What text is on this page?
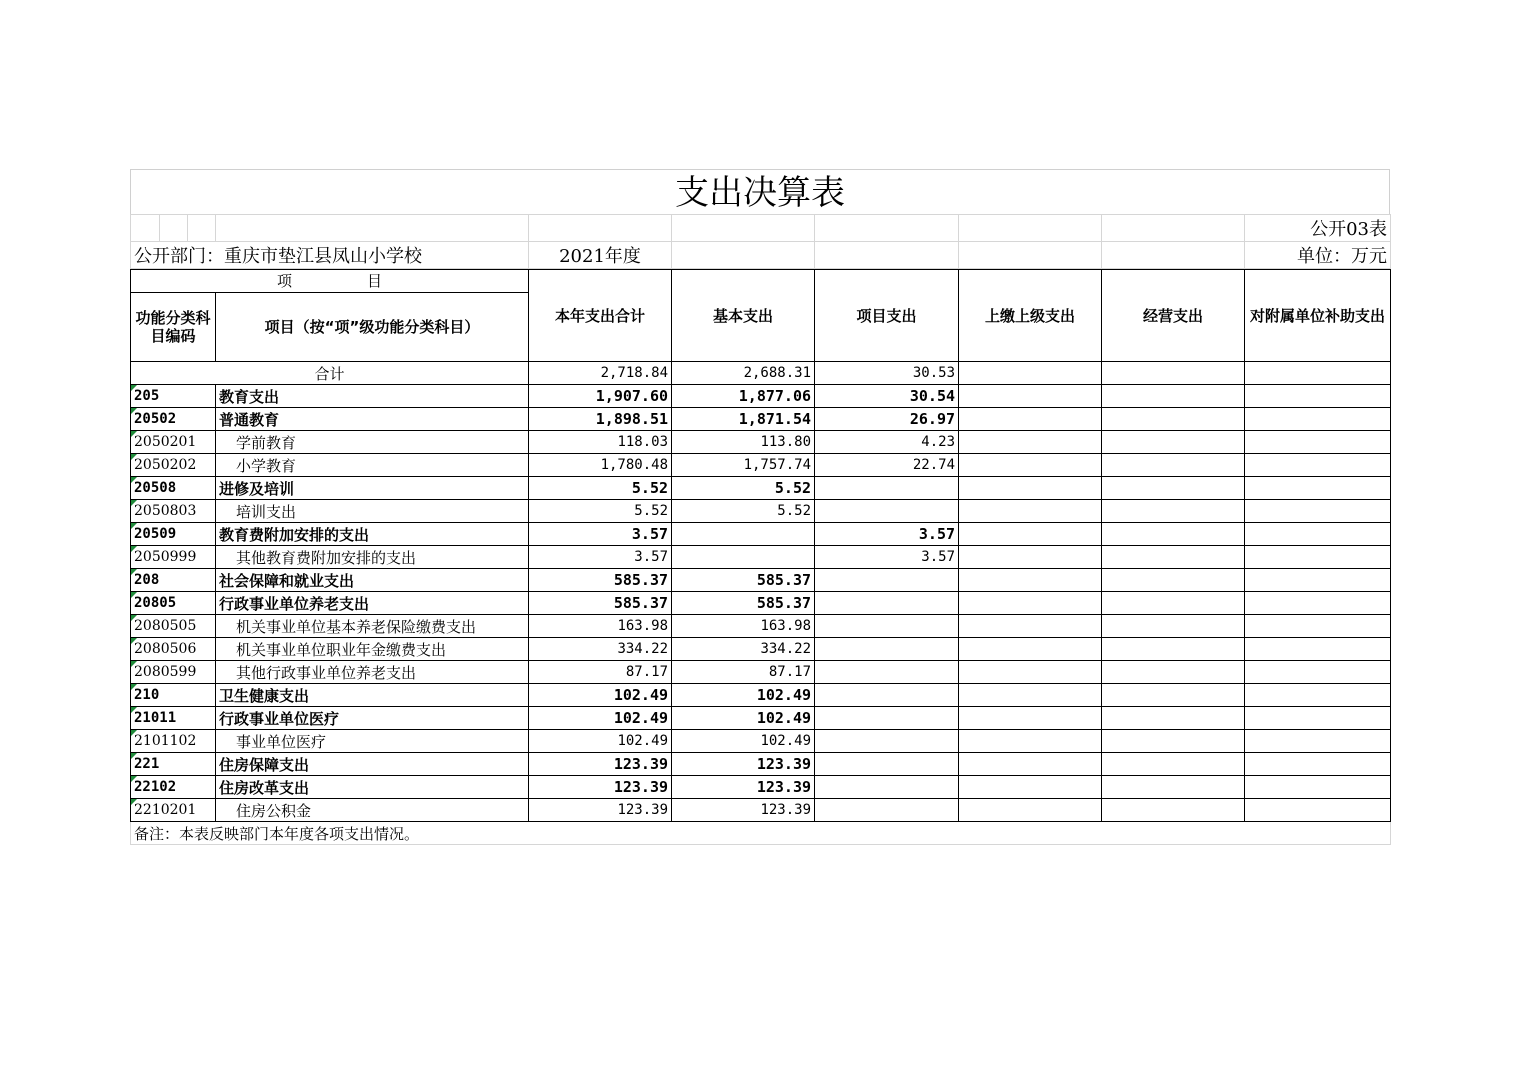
支出决算表
									公开03表
公开部门：重庆市垫江县凤山小学校				2021年度					单位：万元
项　　　　　目		本年支出合计	基本支出	项目支出	上缴上级支出	经营支出	对附属单位补助支出
功能分类科目编码	项目（按“项”级功能分类科目）						
合计		2,718.84	2,688.31	30.53			
205	教育支出	1,907.60	1,877.06	30.54			
20502	普通教育	1,898.51	1,871.54	26.97			
2050201	学前教育	118.03	113.80	4.23			
2050202	小学教育	1,780.48	1,757.74	22.74			
20508	进修及培训	5.52	5.52				
2050803	培训支出	5.52	5.52				
20509	教育费附加安排的支出	3.57		3.57			
2050999	其他教育费附加安排的支出	3.57		3.57			
208	社会保障和就业支出	585.37	585.37				
20805	行政事业单位养老支出	585.37	585.37				
2080505	机关事业单位基本养老保险缴费支出	163.98	163.98				
2080506	机关事业单位职业年金缴费支出	334.22	334.22				
2080599	其他行政事业单位养老支出	87.17	87.17				
210	卫生健康支出	102.49	102.49				
21011	行政事业单位医疗	102.49	102.49				
2101102	事业单位医疗	102.49	102.49				
221	住房保障支出	123.39	123.39				
22102	住房改革支出	123.39	123.39				
2210201	住房公积金	123.39	123.39				
备注：本表反映部门本年度各项支出情况。							
